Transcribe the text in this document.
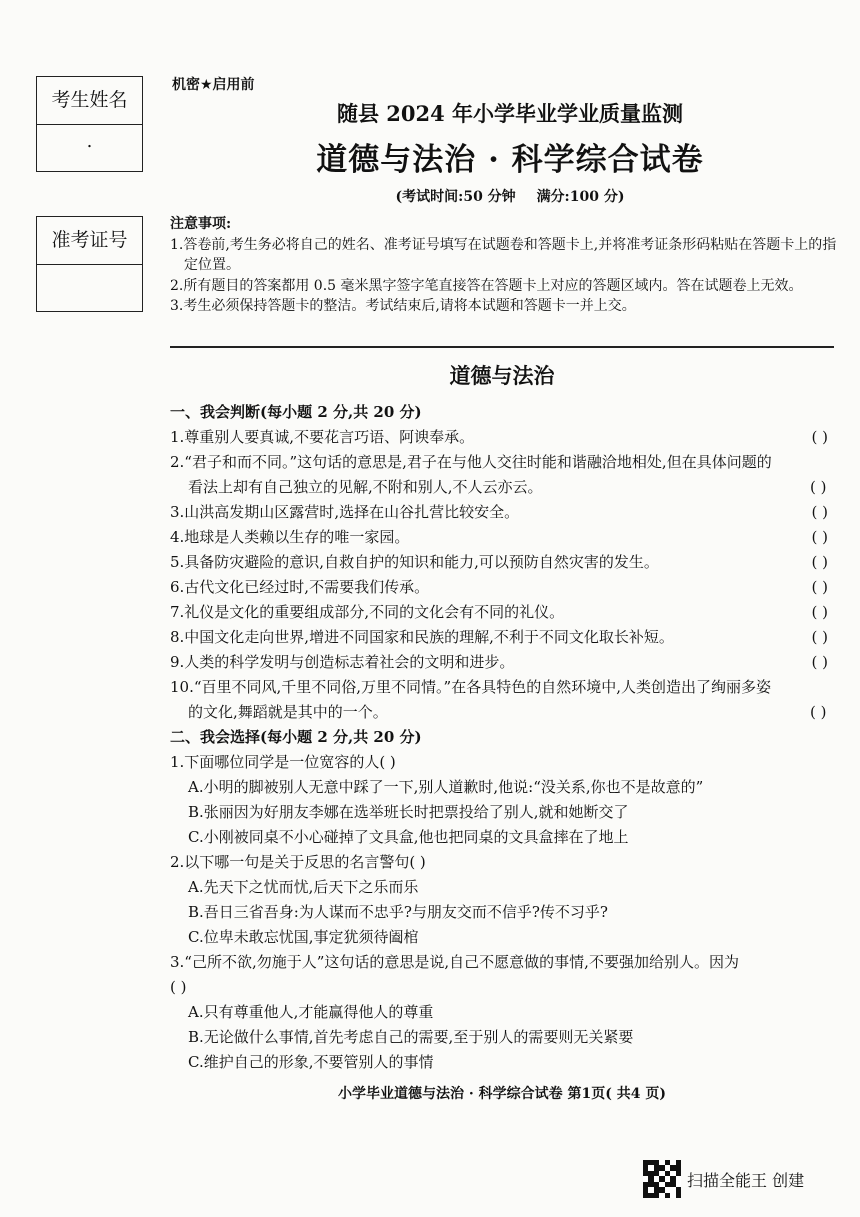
考生姓名
.
准考证号
机密★启用前
随县 2024 年小学毕业学业质量监测
道德与法治 · 科学综合试卷
(考试时间:50 分钟 满分:100 分)
注意事项:
1.答卷前,考生务必将自己的姓名、准考证号填写在试题卷和答题卡上,并将准考证条形码粘贴在答题卡上的指定位置。
2.所有题目的答案都用 0.5 毫米黑字签字笔直接答在答题卡上对应的答题区域内。答在试题卷上无效。
3.考生必须保持答题卡的整洁。考试结束后,请将本试题和答题卡一并上交。
道德与法治
一、我会判断(每小题 2 分,共 20 分)
1.尊重别人要真诚,不要花言巧语、阿谀奉承。	( )
2.“君子和而不同。”这句话的意思是,君子在与他人交往时能和谐融洽地相处,但在具体问题的看法上却有自己独立的见解,不附和别人,不人云亦云。	( )
3.山洪高发期山区露营时,选择在山谷扎营比较安全。	( )
4.地球是人类赖以生存的唯一家园。	( )
5.具备防灾避险的意识,自救自护的知识和能力,可以预防自然灾害的发生。	( )
6.古代文化已经过时,不需要我们传承。	( )
7.礼仪是文化的重要组成部分,不同的文化会有不同的礼仪。	( )
8.中国文化走向世界,增进不同国家和民族的理解,不利于不同文化取长补短。	( )
9.人类的科学发明与创造标志着社会的文明和进步。	( )
10.“百里不同风,千里不同俗,万里不同情。”在各具特色的自然环境中,人类创造出了绚丽多姿的文化,舞蹈就是其中的一个。	( )
二、我会选择(每小题 2 分,共 20 分)
1.下面哪位同学是一位宽容的人( )
A.小明的脚被别人无意中踩了一下,别人道歉时,他说:“没关系,你也不是故意的”
B.张丽因为好朋友李娜在选举班长时把票投给了别人,就和她断交了
C.小刚被同桌不小心碰掉了文具盒,他也把同桌的文具盒摔在了地上
2.以下哪一句是关于反思的名言警句( )
A.先天下之忧而忧,后天下之乐而乐
B.吾日三省吾身:为人谋而不忠乎?与朋友交而不信乎?传不习乎?
C.位卑未敢忘忧国,事定犹须待阖棺
3.“己所不欲,勿施于人”这句话的意思是说,自己不愿意做的事情,不要强加给别人。因为
( )
A.只有尊重他人,才能赢得他人的尊重
B.无论做什么事情,首先考虑自己的需要,至于别人的需要则无关紧要
C.维护自己的形象,不要管别人的事情
小学毕业道德与法治 · 科学综合试卷 第1页( 共4 页)
扫描全能王 创建
